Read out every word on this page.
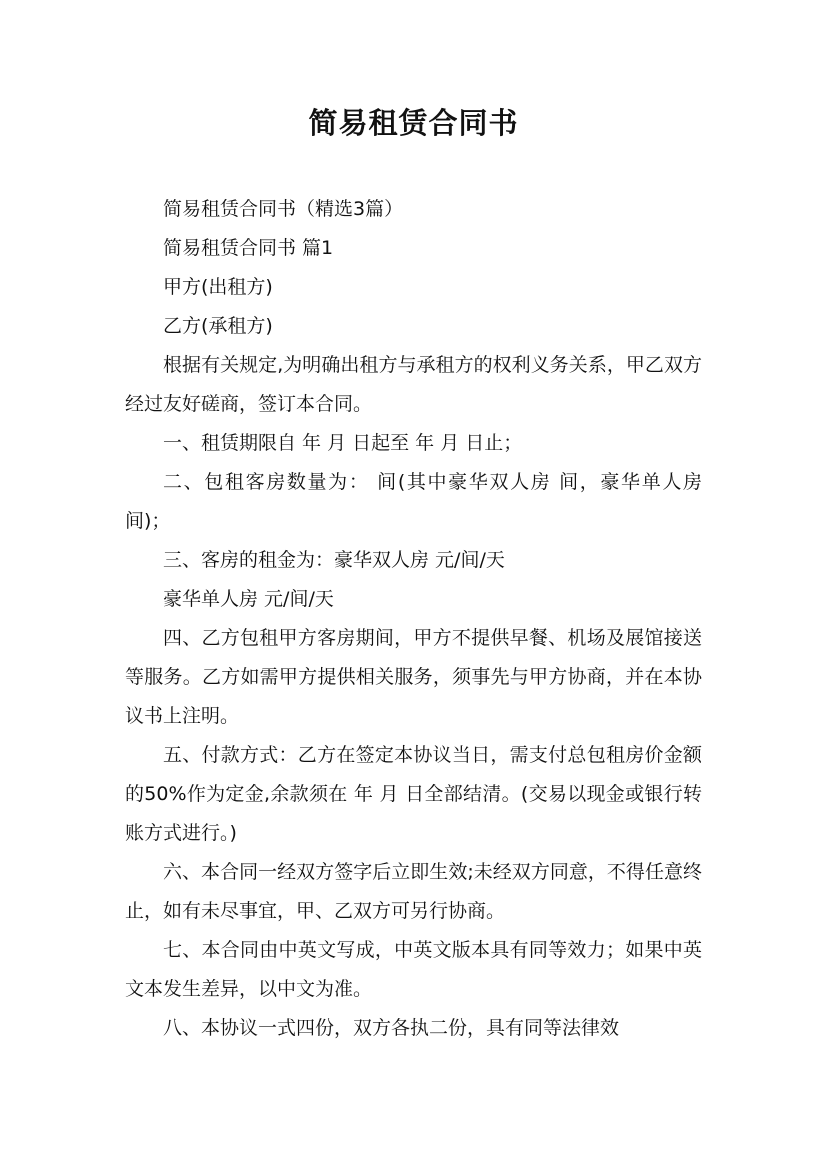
简易租赁合同书

简易租赁合同书（精选3篇）

简易租赁合同书 篇1

甲方(出租方)

乙方(承租方)

根据有关规定,为明确出租方与承租方的权利义务关系，甲乙双方经过友好磋商，签订本合同。

一、租赁期限自 年 月 日起至 年 月 日止；

二、包租客房数量为： 间(其中豪华双人房 间，豪华单人房 间)；

三、客房的租金为：豪华双人房 元/间/天

豪华单人房 元/间/天

四、乙方包租甲方客房期间，甲方不提供早餐、机场及展馆接送等服务。乙方如需甲方提供相关服务，须事先与甲方协商，并在本协议书上注明。

五、付款方式：乙方在签定本协议当日，需支付总包租房价金额的50%作为定金,余款须在 年 月 日全部结清。(交易以现金或银行转账方式进行。)

六、本合同一经双方签字后立即生效;未经双方同意，不得任意终止，如有未尽事宜，甲、乙双方可另行协商。

七、本合同由中英文写成，中英文版本具有同等效力；如果中英文本发生差异，以中文为准。

八、本协议一式四份，双方各执二份，具有同等法律效
